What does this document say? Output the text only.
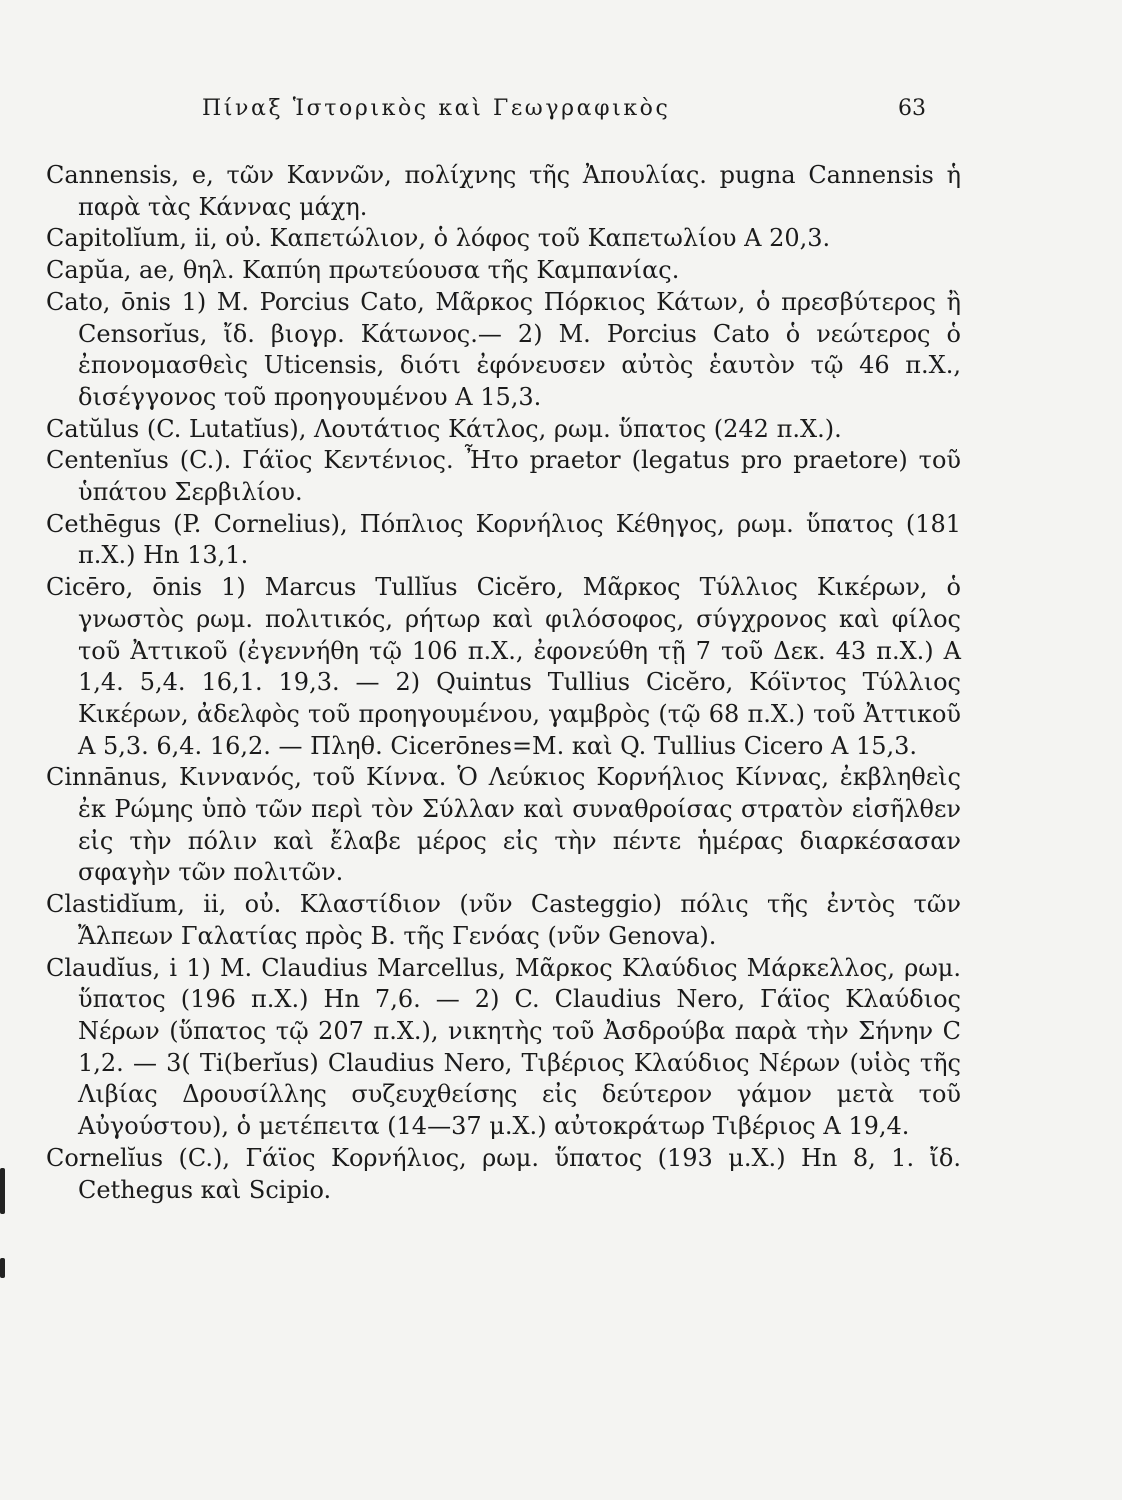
Πίναξ Ἱστορικὸς καὶ Γεωγραφικὸς	63

Cannensis, e, τῶν Καννῶν, πολίχνης τῆς Ἀπουλίας. pugna Cannensis ἡ παρὰ τὰς Κάννας μάχη.

Capitolĭum, ii, οὐ. Καπετώλιον, ὁ λόφος τοῦ Καπετωλίου A 20,3.

Capŭa, ae, θηλ. Καπύη πρωτεύουσα τῆς Καμπανίας.

Cato, ōnis 1) M. Porcius Cato, Μᾶρκος Πόρκιος Κάτων, ὁ πρεσβύτερος ἢ Censorĭus, ἴδ. βιογρ. Κάτωνος.— 2) M. Porcius Cato ὁ νεώτερος ὁ ἐπονομασθεὶς Uticensis, διότι ἐφόνευσεν αὐτὸς ἑαυτὸν τῷ 46 π.Χ., δισέγγονος τοῦ προηγουμένου A 15,3.

Catŭlus (C. Lutatĭus), Λουτάτιος Κάτλος, ρωμ. ὕπατος (242 π.Χ.).

Centenĭus (C.). Γάϊος Κεντένιος. Ἦτο praetor (legatus pro praetore) τοῦ ὑπάτου Σερβιλίου.

Cethēgus (P. Cornelius), Πόπλιος Κορνήλιος Κέθηγος, ρωμ. ὕπατος (181 π.Χ.) Hn 13,1.

Cicēro, ōnis 1) Marcus Tullĭus Cicĕro, Μᾶρκος Τύλλιος Κικέρων, ὁ γνωστὸς ρωμ. πολιτικός, ρήτωρ καὶ φιλόσοφος, σύγχρονος καὶ φίλος τοῦ Ἀττικοῦ (ἐγεννήθη τῷ 106 π.Χ., ἐφονεύθη τῇ 7 τοῦ Δεκ. 43 π.Χ.) A 1,4. 5,4. 16,1. 19,3. — 2) Quintus Tullius Cicĕro, Κόϊντος Τύλλιος Κικέρων, ἀδελφὸς τοῦ προηγουμένου, γαμβρὸς (τῷ 68 π.Χ.) τοῦ Ἀττικοῦ A 5,3. 6,4. 16,2. — Πληθ. Cicerōnes=M. καὶ Q. Tullius Cicero A 15,3.

Cinnānus, Κιννανός, τοῦ Κίννα. Ὁ Λεύκιος Κορνήλιος Κίννας, ἐκβληθεὶς ἐκ Ρώμης ὑπὸ τῶν περὶ τὸν Σύλλαν καὶ συναθροίσας στρατὸν εἰσῆλθεν εἰς τὴν πόλιν καὶ ἔλαβε μέρος εἰς τὴν πέντε ἡμέρας διαρκέσασαν σφαγὴν τῶν πολιτῶν.

Clastidĭum, ii, οὐ. Κλαστίδιον (νῦν Casteggio) πόλις τῆς ἐντὸς τῶν Ἄλπεων Γαλατίας πρὸς B. τῆς Γενόας (νῦν Genova).

Claudĭus, i 1) M. Claudius Marcellus, Μᾶρκος Κλαύδιος Μάρκελλος, ρωμ. ὕπατος (196 π.Χ.) Hn 7,6. — 2) C. Claudius Nero, Γάϊος Κλαύδιος Νέρων (ὕπατος τῷ 207 π.Χ.), νικητὴς τοῦ Ἀσδρούβα παρὰ τὴν Σήνην C 1,2. — 3( Ti(berĭus) Claudius Nero, Τιβέριος Κλαύδιος Νέρων (υἱὸς τῆς Λιβίας Δρουσίλλης συζευχθείσης εἰς δεύτερον γάμον μετὰ τοῦ Αὐγούστου), ὁ μετέπειτα (14—37 μ.Χ.) αὐτοκράτωρ Τιβέριος A 19,4.

Cornelĭus (C.), Γάϊος Κορνήλιος, ρωμ. ὕπατος (193 μ.Χ.) Hn 8, 1. ἴδ. Cethegus καὶ Scipio.
